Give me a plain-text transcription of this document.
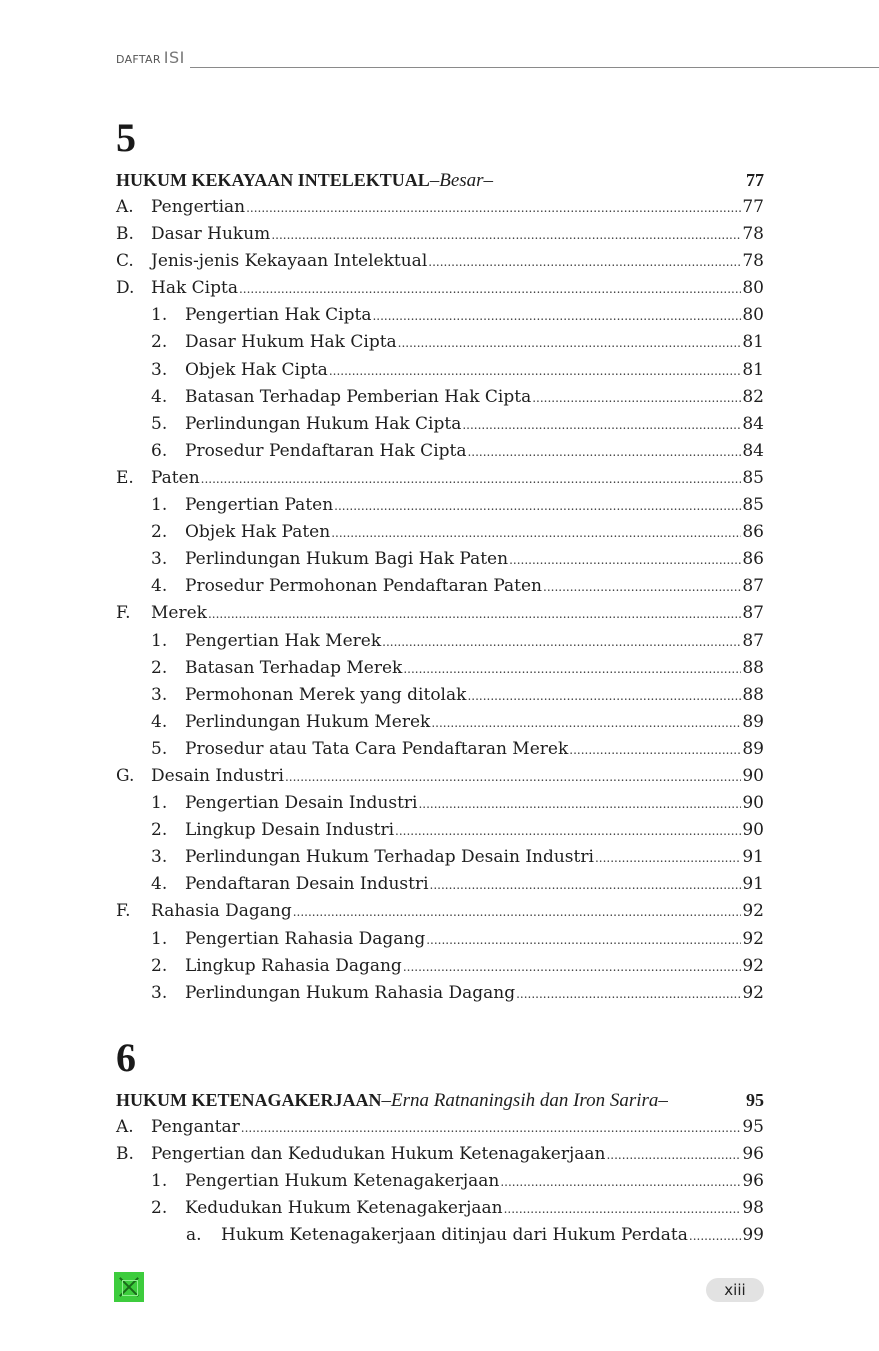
DAFTAR ISI
5
HUKUM KEKAYAAN INTELEKTUAL –Besar–	77
A.	Pengertian .....	77
B.	Dasar Hukum .....	78
C.	Jenis-jenis Kekayaan Intelektual .....	78
D. Hak Cipta .....	80
1.	Pengertian Hak Cipta .....	80
2.	Dasar Hukum Hak Cipta .....	81
3.	Objek Hak Cipta .....	81
4.	Batasan Terhadap Pemberian Hak Cipta .....	82
5.	Perlindungan Hukum Hak Cipta .....	84
6.	Prosedur Pendaftaran Hak Cipta .....	84
E.	Paten .....	85
1.	Pengertian Paten .....	85
2.	Objek Hak Paten .....	86
3.	Perlindungan Hukum Bagi Hak Paten .....	86
4.	Prosedur Permohonan Pendaftaran Paten .....	87
F.	Merek .....	87
1.	Pengertian Hak Merek .....	87
2.	Batasan Terhadap Merek .....	88
3.	Permohonan Merek yang ditolak .....	88
4.	Perlindungan Hukum Merek .....	89
5.	Prosedur atau Tata Cara Pendaftaran Merek .....	89
G. Desain Industri .....	90
1.	Pengertian Desain Industri .....	90
2.	Lingkup Desain Industri .....	90
3.	Perlindungan Hukum Terhadap Desain Industri .....	91
4.	Pendaftaran Desain Industri .....	91
F.	Rahasia Dagang .....	92
1.	Pengertian Rahasia Dagang .....	92
2.	Lingkup Rahasia Dagang .....	92
3.	Perlindungan Hukum Rahasia Dagang .....	92
6
HUKUM KETENAGAKERJAAN –Erna Ratnaningsih dan Iron Sarira–	95
A.	Pengantar .....	95
B.	Pengertian dan Kedudukan Hukum Ketenagakerjaan .....	96
1.	Pengertian Hukum Ketenagakerjaan .....	96
2.	Kedudukan Hukum Ketenagakerjaan .....	98
a.	Hukum Ketenagakerjaan ditinjau dari Hukum Perdata .....	99
xiii
